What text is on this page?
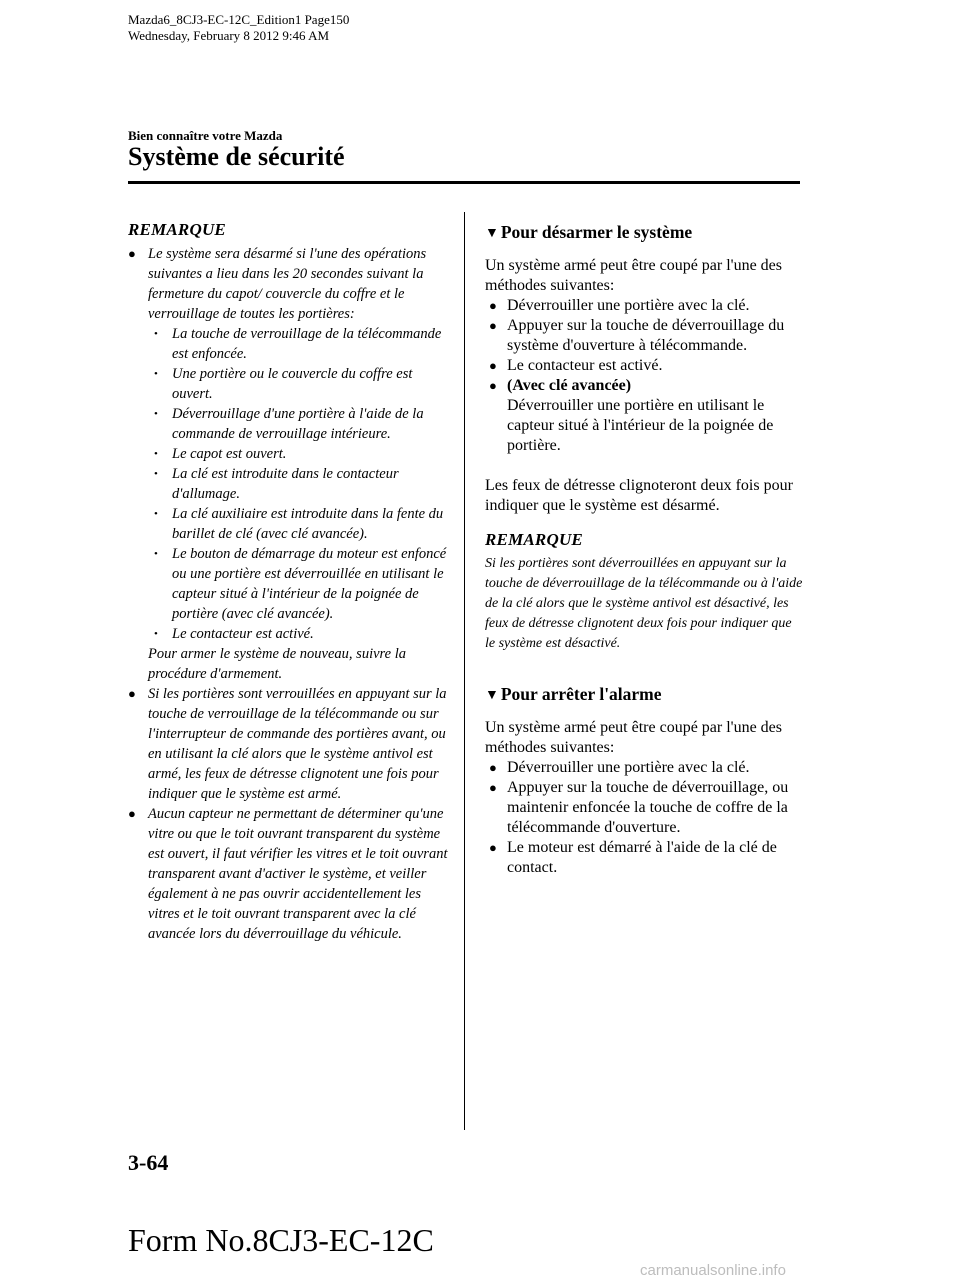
Mazda6_8CJ3-EC-12C_Edition1 Page150
Wednesday, February 8 2012 9:46 AM
Bien connaître votre Mazda
Système de sécurité
REMARQUE
● Le système sera désarmé si l'une des opérations suivantes a lieu dans les 20 secondes suivant la fermeture du capot/ couvercle du coffre et le verrouillage de toutes les portières:
• La touche de verrouillage de la télécommande est enfoncée.
• Une portière ou le couvercle du coffre est ouvert.
• Déverrouillage d'une portière à l'aide de la commande de verrouillage intérieure.
• Le capot est ouvert.
• La clé est introduite dans le contacteur d'allumage.
• La clé auxiliaire est introduite dans la fente du barillet de clé (avec clé avancée).
• Le bouton de démarrage du moteur est enfoncé ou une portière est déverrouillée en utilisant le capteur situé à l'intérieur de la poignée de portière (avec clé avancée).
• Le contacteur est activé.
Pour armer le système de nouveau, suivre la procédure d'armement.
● Si les portières sont verrouillées en appuyant sur la touche de verrouillage de la télécommande ou sur l'interrupteur de commande des portières avant, ou en utilisant la clé alors que le système antivol est armé, les feux de détresse clignotent une fois pour indiquer que le système est armé.
● Aucun capteur ne permettant de déterminer qu'une vitre ou que le toit ouvrant transparent du système est ouvert, il faut vérifier les vitres et le toit ouvrant transparent avant d'activer le système, et veiller également à ne pas ouvrir accidentellement les vitres et le toit ouvrant transparent avec la clé avancée lors du déverrouillage du véhicule.
▼ Pour désarmer le système
Un système armé peut être coupé par l'une des méthodes suivantes:
● Déverrouiller une portière avec la clé.
● Appuyer sur la touche de déverrouillage du système d'ouverture à télécommande.
● Le contacteur est activé.
● (Avec clé avancée)
Déverrouiller une portière en utilisant le capteur situé à l'intérieur de la poignée de portière.
Les feux de détresse clignoteront deux fois pour indiquer que le système est désarmé.
REMARQUE
Si les portières sont déverrouillées en appuyant sur la touche de déverrouillage de la télécommande ou à l'aide de la clé alors que le système antivol est désactivé, les feux de détresse clignotent deux fois pour indiquer que le système est désactivé.
▼ Pour arrêter l'alarme
Un système armé peut être coupé par l'une des méthodes suivantes:
● Déverrouiller une portière avec la clé.
● Appuyer sur la touche de déverrouillage, ou maintenir enfoncée la touche de coffre de la télécommande d'ouverture.
● Le moteur est démarré à l'aide de la clé de contact.
3-64
Form No.8CJ3-EC-12C
carmanualsonline.info
